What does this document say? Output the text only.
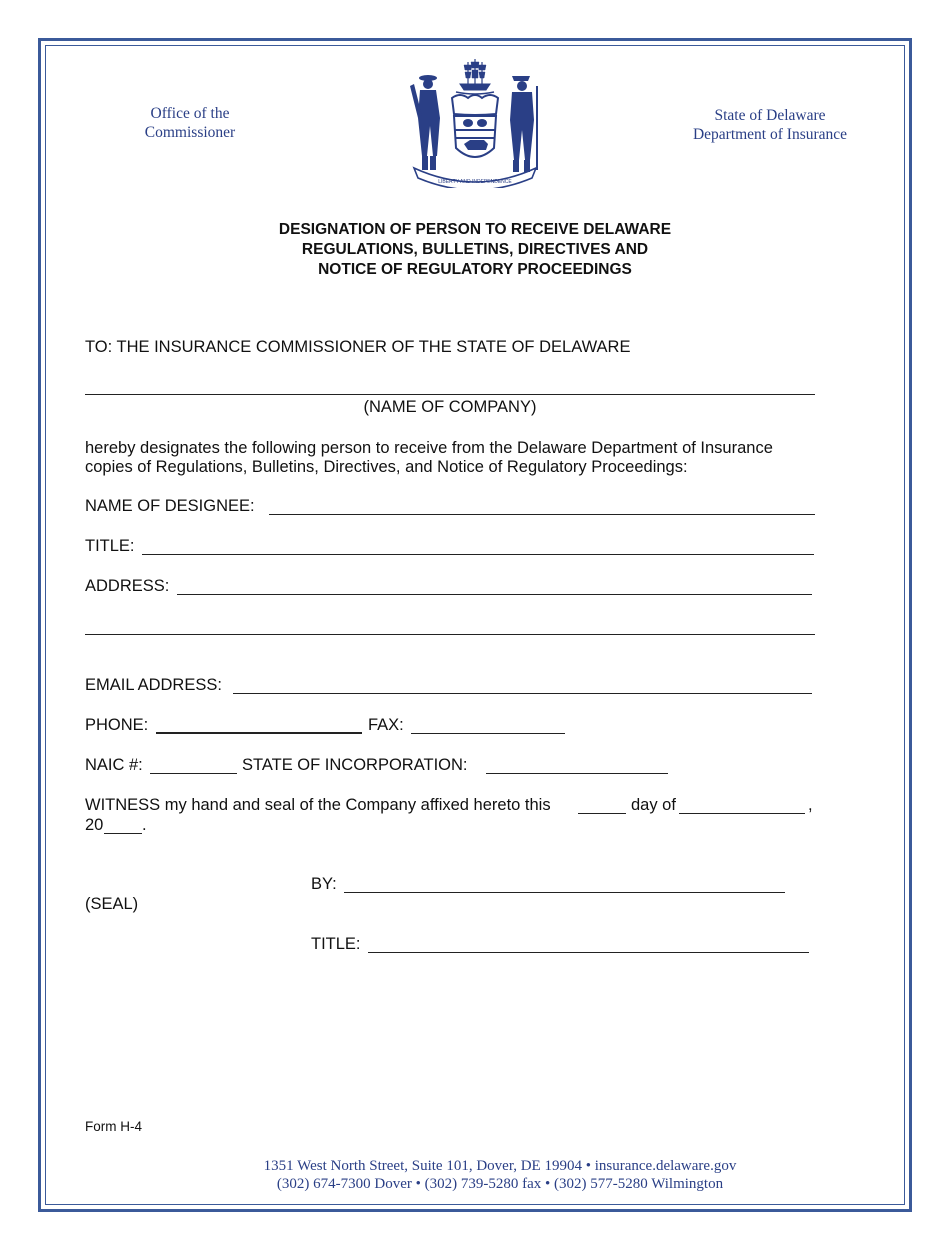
Office of the
Commissioner
LIBERTY AND INDEPENDENCE
State of Delaware
Department of Insurance
DESIGNATION OF PERSON TO RECEIVE DELAWARE
REGULATIONS, BULLETINS, DIRECTIVES AND
NOTICE OF REGULATORY PROCEEDINGS
TO: THE INSURANCE COMMISSIONER OF THE STATE OF DELAWARE
(NAME OF COMPANY)
hereby designates the following person to receive from the Delaware Department of Insurance
copies of Regulations, Bulletins, Directives, and Notice of Regulatory Proceedings:
NAME OF DESIGNEE:
TITLE:
ADDRESS:
EMAIL ADDRESS:
PHONE:	FAX:
NAIC #:	STATE OF INCORPORATION:
WITNESS my hand and seal of the Company affixed hereto this	day of	,
20 .
BY:
(SEAL)
TITLE:
Form H-4
1351 West North Street, Suite 101, Dover, DE 19904 • insurance.delaware.gov
(302) 674-7300 Dover • (302) 739-5280 fax • (302) 577-5280 Wilmington
